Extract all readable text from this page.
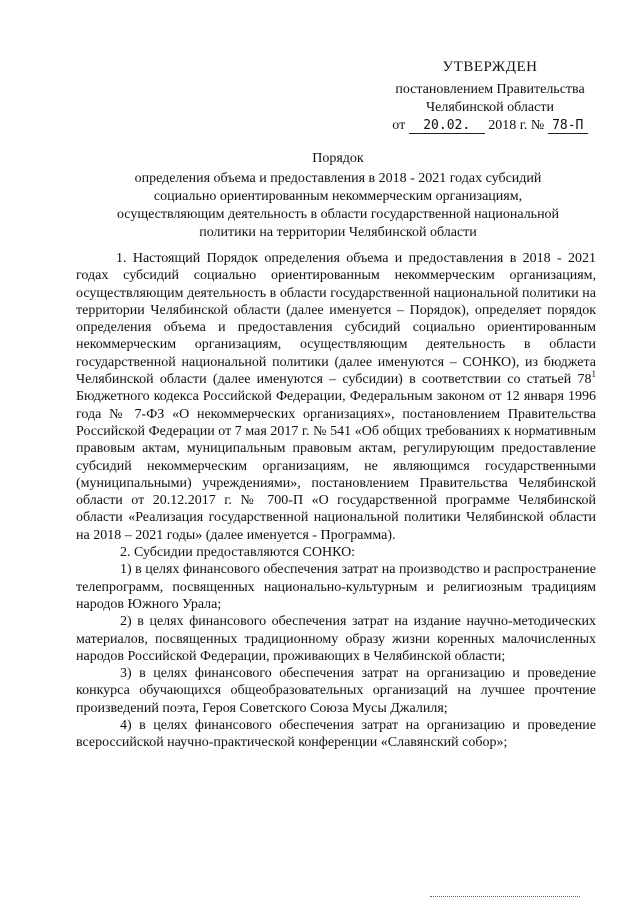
УТВЕРЖДЕН
постановлением Правительства
Челябинской области
от 20.02. 2018 г. № 78-П
Порядок
определения объема и предоставления в 2018 - 2021 годах субсидий
социально ориентированным некоммерческим организациям,
осуществляющим деятельность в области государственной национальной
политики на территории Челябинской области

1. Настоящий Порядок определения объема и предоставления в 2018 - 2021 годах субсидий социально ориентированным некоммерческим организациям, осуществляющим деятельность в области государственной национальной политики на территории Челябинской области (далее именуется – Порядок), определяет порядок определения объема и предоставления субсидий социально ориентированным некоммерческим организациям, осуществляющим деятельность в области государственной национальной политики (далее именуются – СОНКО), из бюджета Челябинской области (далее именуются – субсидии) в соответствии со статьей $78^1$ Бюджетного кодекса Российской Федерации, Федеральным законом от 12 января 1996 года № 7-ФЗ «О некоммерческих организациях», постановлением Правительства Российской Федерации от 7 мая 2017 г. № 541 «Об общих требованиях к нормативным правовым актам, муниципальным правовым актам, регулирующим предоставление субсидий некоммерческим организациям, не являющимся государственными (муниципальными) учреждениями», постановлением Правительства Челябинской области от 20.12.2017 г. № 700-П «О государственной программе Челябинской области «Реализация государственной национальной политики Челябинской области на 2018 – 2021 годы» (далее именуется - Программа).

2. Субсидии предоставляются СОНКО:

1) в целях финансового обеспечения затрат на производство и распространение телепрограмм, посвященных национально-культурным и религиозным традициям народов Южного Урала;

2) в целях финансового обеспечения затрат на издание научно-методических материалов, посвященных традиционному образу жизни коренных малочисленных народов Российской Федерации, проживающих в Челябинской области;

3) в целях финансового обеспечения затрат на организацию и проведение конкурса обучающихся общеобразовательных организаций на лучшее прочтение произведений поэта, Героя Советского Союза Мусы Джалиля;

4) в целях финансового обеспечения затрат на организацию и проведение всероссийской научно-практической конференции «Славянский собор»;
